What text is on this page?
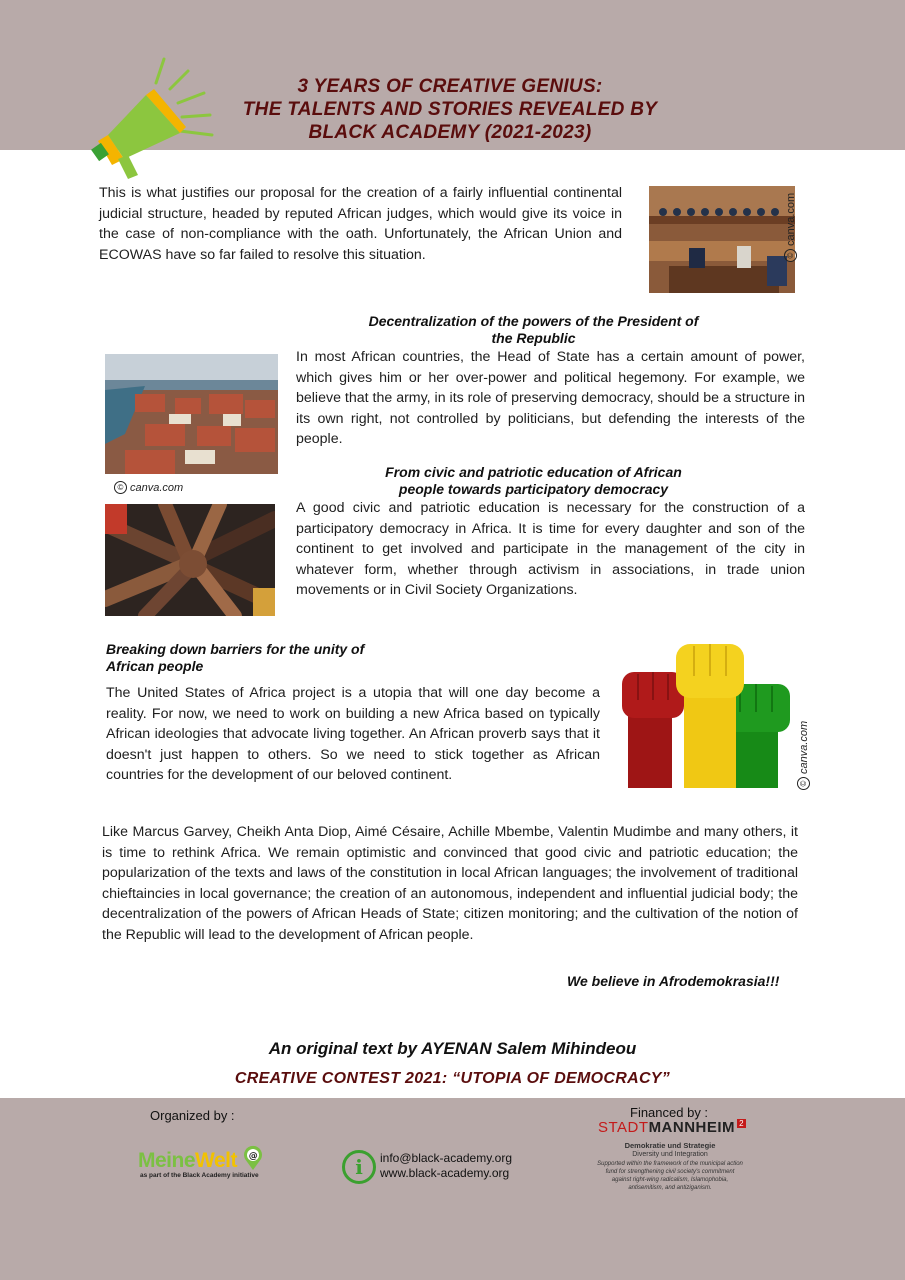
3 YEARS OF CREATIVE GENIUS:
THE TALENTS AND STORIES REVEALED BY
BLACK ACADEMY (2021-2023)

This is what justifies our proposal for the creation of a fairly influential continental judicial structure, headed by reputed African judges, which would give its voice in the case of non-compliance with the oath. Unfortunately, the African Union and ECOWAS have so far failed to resolve this situation.	©
canva.com
Decentralization of the powers of the President of
the Republic
© canva.com

In most African countries, the Head of State has a certain amount of power, which gives him or her over-power and political hegemony. For example, we believe that the army, in its role of preserving democracy, should be a structure in its own right, not controlled by politicians, but defending the interests of the people.

From civic and patriotic education of African
people towards participatory democracy

A good civic and patriotic education is necessary for the construction of a participatory democracy in Africa. It is time for every daughter and son of the continent to get involved and participate in the management of the city in whatever form, whether through activism in associations, in trade union movements or in Civil Society Organizations.

Breaking down barriers for the unity of
African people

The United States of Africa project is a utopia that will one day become a reality. For now, we need to work on building a new Africa based on typically African ideologies that advocate living together. An African proverb says that it doesn't just happen to others. So we need to stick together as African countries for the development of our beloved continent.

©
canva.com

Like Marcus Garvey, Cheikh Anta Diop, Aimé Césaire, Achille Mbembe, Valentin Mudimbe and many others, it is time to rethink Africa. We remain optimistic and convinced that good civic and patriotic education; the popularization of the texts and laws of the constitution in local African languages; the involvement of traditional chieftaincies in local governance; the creation of an autonomous, independent and influential judicial body; the decentralization of the powers of African Heads of State; citizen monitoring; and the cultivation of the notion of the Republic will lead to the development of African people.

We believe in Afrodemokrasia!!!
An original text by AYENAN Salem Mihindeou
CREATIVE CONTEST 2021: “UTOPIA OF DEMOCRACY”
Organized by :
MeineWelt @
as part of the Black Academy initiative	i	info@black-academy.org
www.black-academy.org
Financed by :
STADTMANNHEIM 2
Demokratie und Strategie
Diversity und Integration
Supported within the framework of the municipal action
fund for strengthening civil society's commitment
against right-wing radicalism, Islamophobia,
antisemitism, and antiziganism.
